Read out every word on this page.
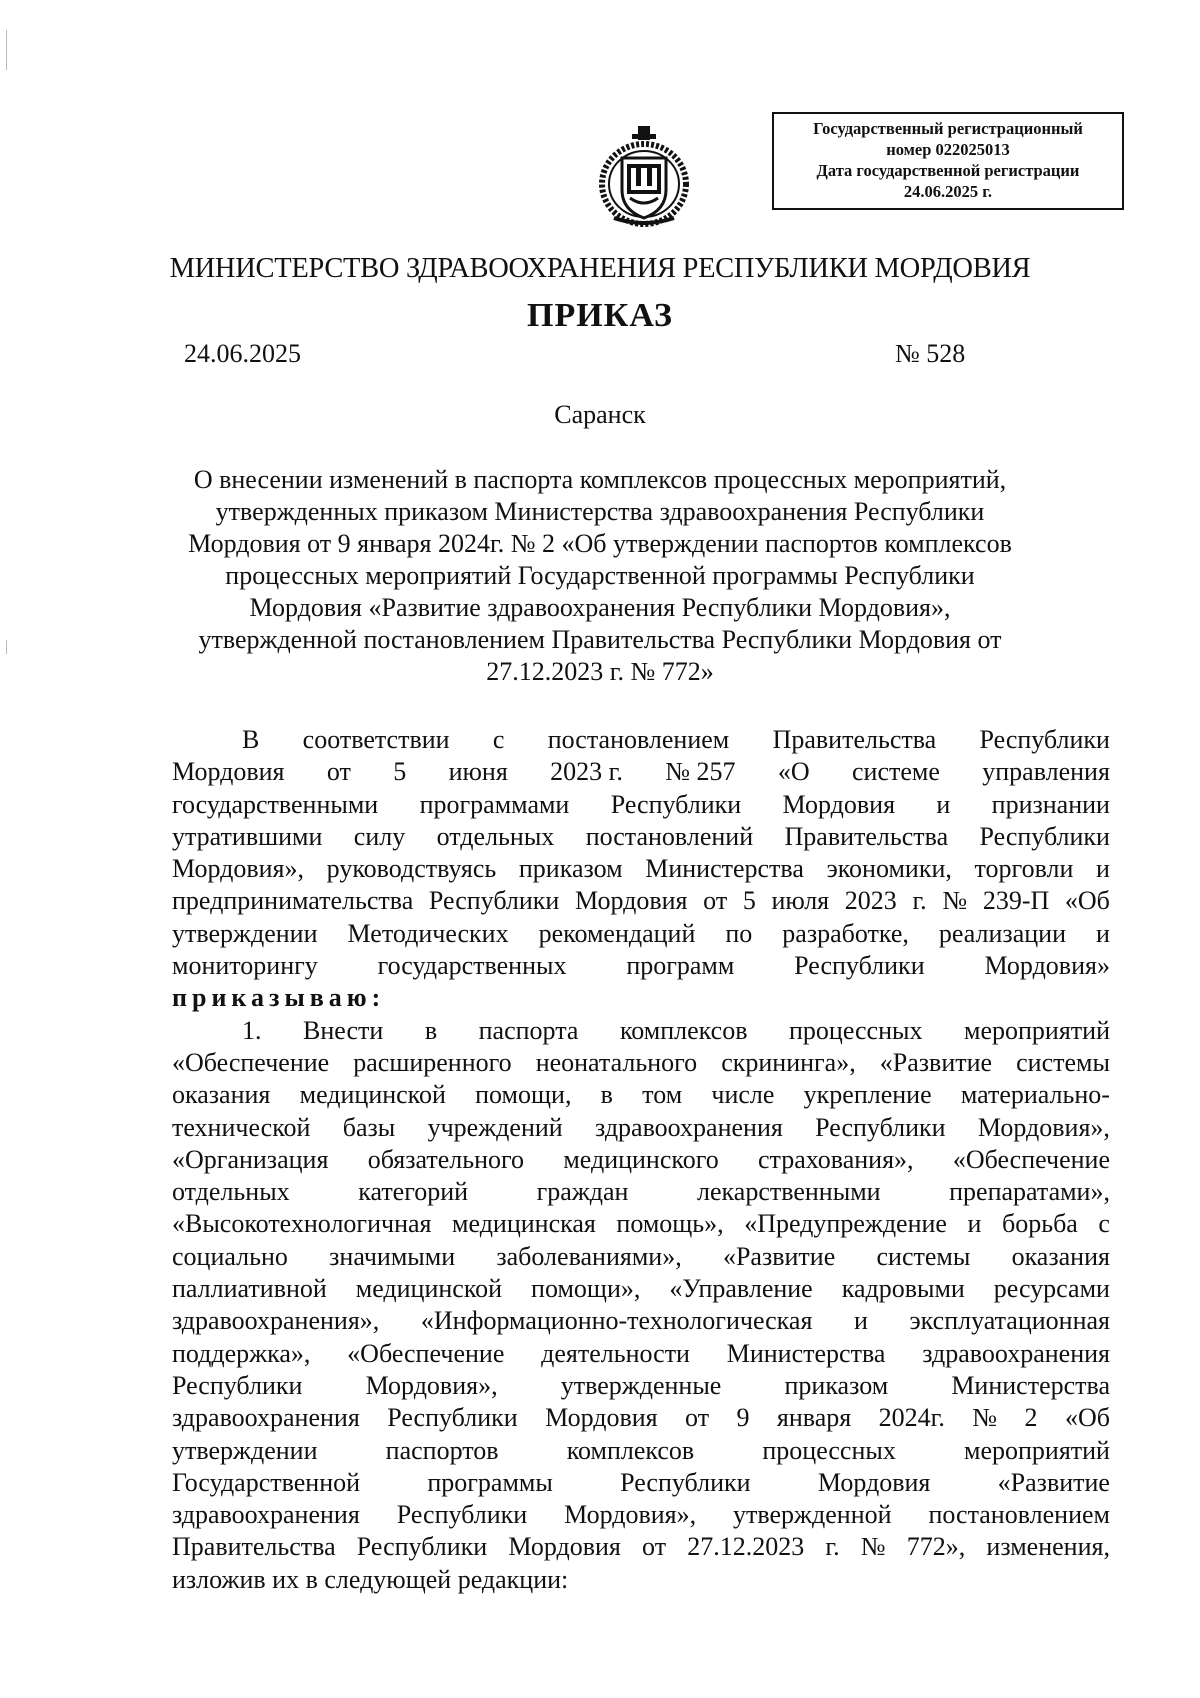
Государственный регистрационный
номер 022025013
Дата государственной регистрации
24.06.2025 г.
МИНИСТЕРСТВО ЗДРАВООХРАНЕНИЯ РЕСПУБЛИКИ МОРДОВИЯ
ПРИКАЗ
24.06.2025	№ 528
Саранск
О внесении изменений в паспорта комплексов процессных мероприятий,
утвержденных приказом Министерства здравоохранения Республики
Мордовия от 9 января 2024г. № 2 «Об утверждении паспортов комплексов
процессных мероприятий Государственной программы Республики
Мордовия «Развитие здравоохранения Республики Мордовия»,
утвержденной постановлением Правительства Республики Мордовия от
27.12.2023 г. № 772»
В соответствии с постановлением Правительства Республики
Мордовия от 5 июня 2023 г. № 257 «О системе управления
государственными программами Республики Мордовия и признании
утратившими силу отдельных постановлений Правительства Республики
Мордовия», руководствуясь приказом Министерства экономики, торговли и
предпринимательства Республики Мордовия от 5 июля 2023 г. № 239-П «Об
утверждении Методических рекомендаций по разработке, реализации и
мониторингу государственных программ Республики Мордовия»
приказываю:
1. Внести в паспорта комплексов процессных мероприятий
«Обеспечение расширенного неонатального скрининга», «Развитие системы
оказания медицинской помощи, в том числе укрепление материально-
технической базы учреждений здравоохранения Республики Мордовия»,
«Организация обязательного медицинского страхования», «Обеспечение
отдельных	категорий	граждан	лекарственными	препаратами»,
«Высокотехнологичная медицинская помощь», «Предупреждение и борьба с
социально значимыми заболеваниями», «Развитие системы оказания
паллиативной медицинской помощи», «Управление кадровыми ресурсами
здравоохранения», «Информационно-технологическая и эксплуатационная
поддержка», «Обеспечение деятельности Министерства здравоохранения
Республики Мордовия», утвержденные приказом Министерства
здравоохранения Республики Мордовия от 9 января 2024г. № 2 «Об
утверждении	паспортов	комплексов	процессных	мероприятий
Государственной	программы	Республики	Мордовия	«Развитие
здравоохранения Республики Мордовия», утвержденной постановлением
Правительства Республики Мордовия от 27.12.2023 г. № 772», изменения,
изложив их в следующей редакции:
